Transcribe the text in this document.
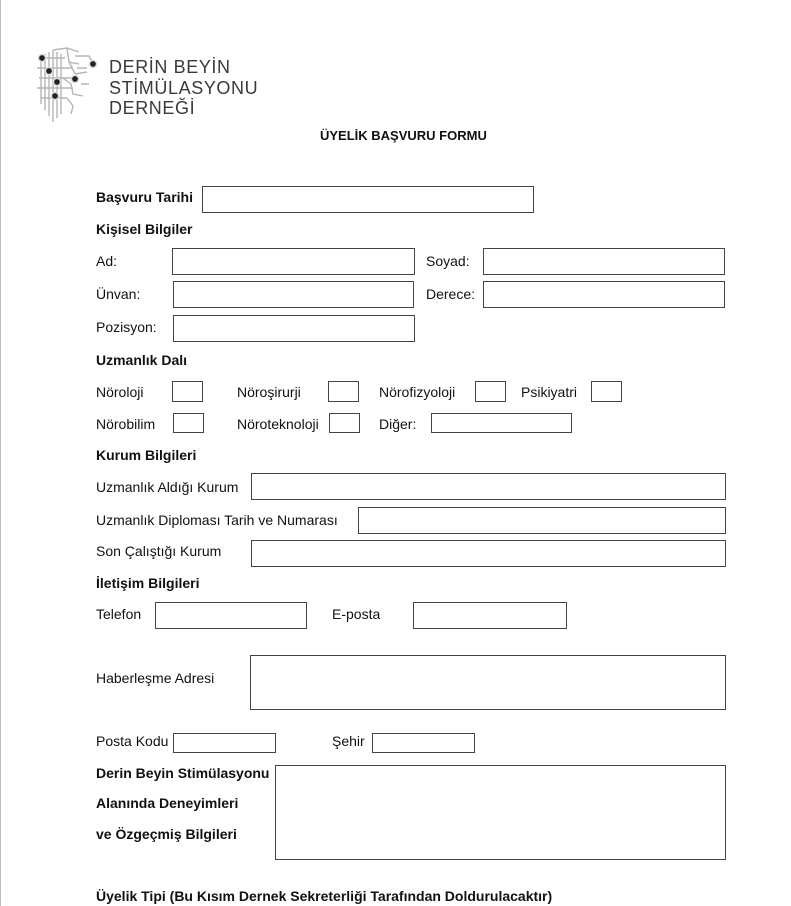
DERİN BEYİN
STİMÜLASYONU
DERNEĞİ
ÜYELİK BAŞVURU FORMU
Başvuru Tarihi
Kişisel Bilgiler
Ad:	Soyad:
Ünvan:	Derece:
Pozisyon:
Uzmanlık Dalı
Nöroloji	Nöroşirurji	Nörofizyoloji	Psikiyatri
Nörobilim	Nöroteknoloji	Diğer:
Kurum Bilgileri
Uzmanlık Aldığı Kurum
Uzmanlık Diploması Tarih ve Numarası
Son Çalıştığı Kurum
İletişim Bilgileri
Telefon	E-posta
Haberleşme Adresi
Posta Kodu	Şehir
Derin Beyin Stimülasyonu
Alanında Deneyimleri
ve Özgeçmiş Bilgileri
Üyelik Tipi (Bu Kısım Dernek Sekreterliği Tarafından Doldurulacaktır)
